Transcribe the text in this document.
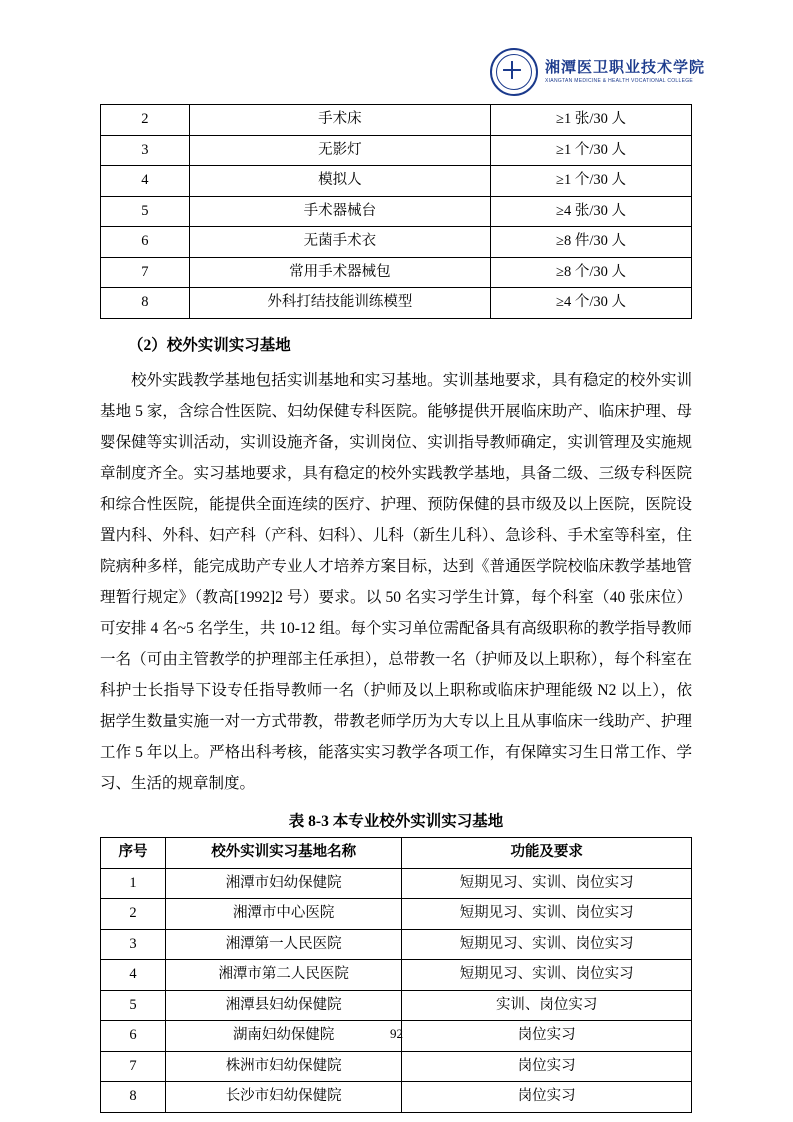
湘潭医卫职业技术学院
XIANGTAN MEDICINE & HEALTH VOCATIONAL COLLEGE
2	手术床	≥1 张/30 人
3	无影灯	≥1 个/30 人
4	模拟人	≥1 个/30 人
5	手术器械台	≥4 张/30 人
6	无菌手术衣	≥8 件/30 人
7	常用手术器械包	≥8 个/30 人
8	外科打结技能训练模型	≥4 个/30 人
（2）校外实训实习基地

校外实践教学基地包括实训基地和实习基地。实训基地要求，具有稳定的校外实训基地 5 家，含综合性医院、妇幼保健专科医院。能够提供开展临床助产、临床护理、母婴保健等实训活动，实训设施齐备，实训岗位、实训指导教师确定，实训管理及实施规章制度齐全。实习基地要求，具有稳定的校外实践教学基地，具备二级、三级专科医院和综合性医院，能提供全面连续的医疗、护理、预防保健的县市级及以上医院，医院设置内科、外科、妇产科（产科、妇科）、儿科（新生儿科）、急诊科、手术室等科室，住院病种多样，能完成助产专业人才培养方案目标，达到《普通医学院校临床教学基地管理暂行规定》（教高[1992]2 号）要求。以 50 名实习学生计算，每个科室（40 张床位）可安排 4 名~5 名学生，共 10-12 组。每个实习单位需配备具有高级职称的教学指导教师一名（可由主管教学的护理部主任承担），总带教一名（护师及以上职称），每个科室在科护士长指导下设专任指导教师一名（护师及以上职称或临床护理能级 N2 以上），依据学生数量实施一对一方式带教，带教老师学历为大专以上且从事临床一线助产、护理工作 5 年以上。严格出科考核，能落实实习教学各项工作，有保障实习生日常工作、学习、生活的规章制度。

表 8-3 本专业校外实训实习基地
序号	校外实训实习基地名称	功能及要求
1	湘潭市妇幼保健院	短期见习、实训、岗位实习
2	湘潭市中心医院	短期见习、实训、岗位实习
3	湘潭第一人民医院	短期见习、实训、岗位实习
4	湘潭市第二人民医院	短期见习、实训、岗位实习
5	湘潭县妇幼保健院	实训、岗位实习
6	湖南妇幼保健院	岗位实习
7	株洲市妇幼保健院	岗位实习
8	长沙市妇幼保健院	岗位实习
92
